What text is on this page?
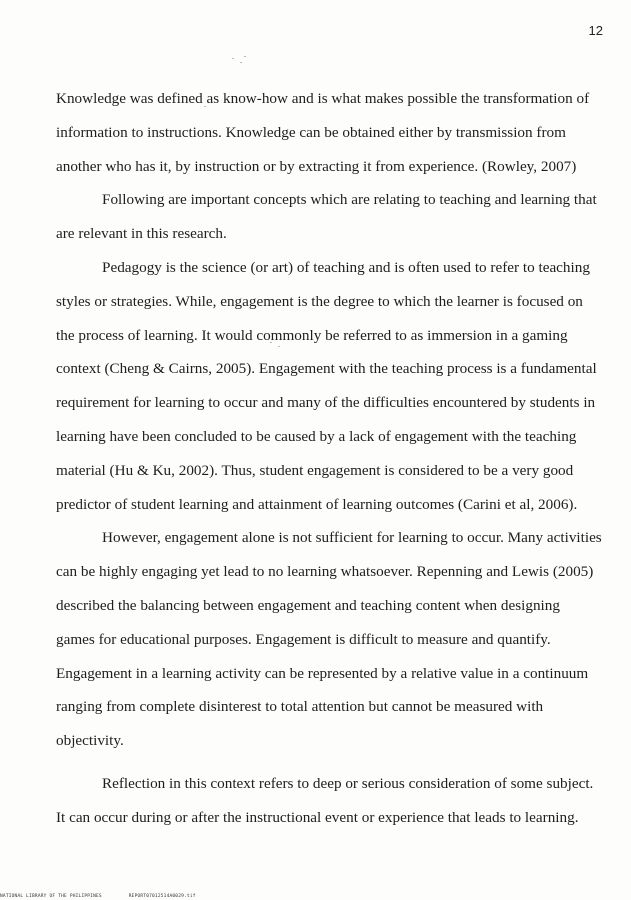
12

Knowledge was defined as know-how and is what makes possible the transformation of information to instructions. Knowledge can be obtained either by transmission from another who has it, by instruction or by extracting it from experience. (Rowley, 2007)

Following are important concepts which are relating to teaching and learning that are relevant in this research.

Pedagogy is the science (or art) of teaching and is often used to refer to teaching styles or strategies. While, engagement is the degree to which the learner is focused on the process of learning. It would commonly be referred to as immersion in a gaming context (Cheng & Cairns, 2005). Engagement with the teaching process is a fundamental requirement for learning to occur and many of the difficulties encountered by students in learning have been concluded to be caused by a lack of engagement with the teaching material (Hu & Ku, 2002). Thus, student engagement is considered to be a very good predictor of student learning and attainment of learning outcomes (Carini et al, 2006).

However, engagement alone is not sufficient for learning to occur. Many activities can be highly engaging yet lead to no learning whatsoever. Repenning and Lewis (2005) described the balancing between engagement and teaching content when designing games for educational purposes. Engagement is difficult to measure and quantify. Engagement in a learning activity can be represented by a relative value in a continuum ranging from complete disinterest to total attention but cannot be measured with objectivity.

Reflection in this context refers to deep or serious consideration of some subject. It can occur during or after the instructional event or experience that leads to learning.

NATIONAL LIBRARY OF THE PHILIPPINES	REPORT07012514A0029.tif
